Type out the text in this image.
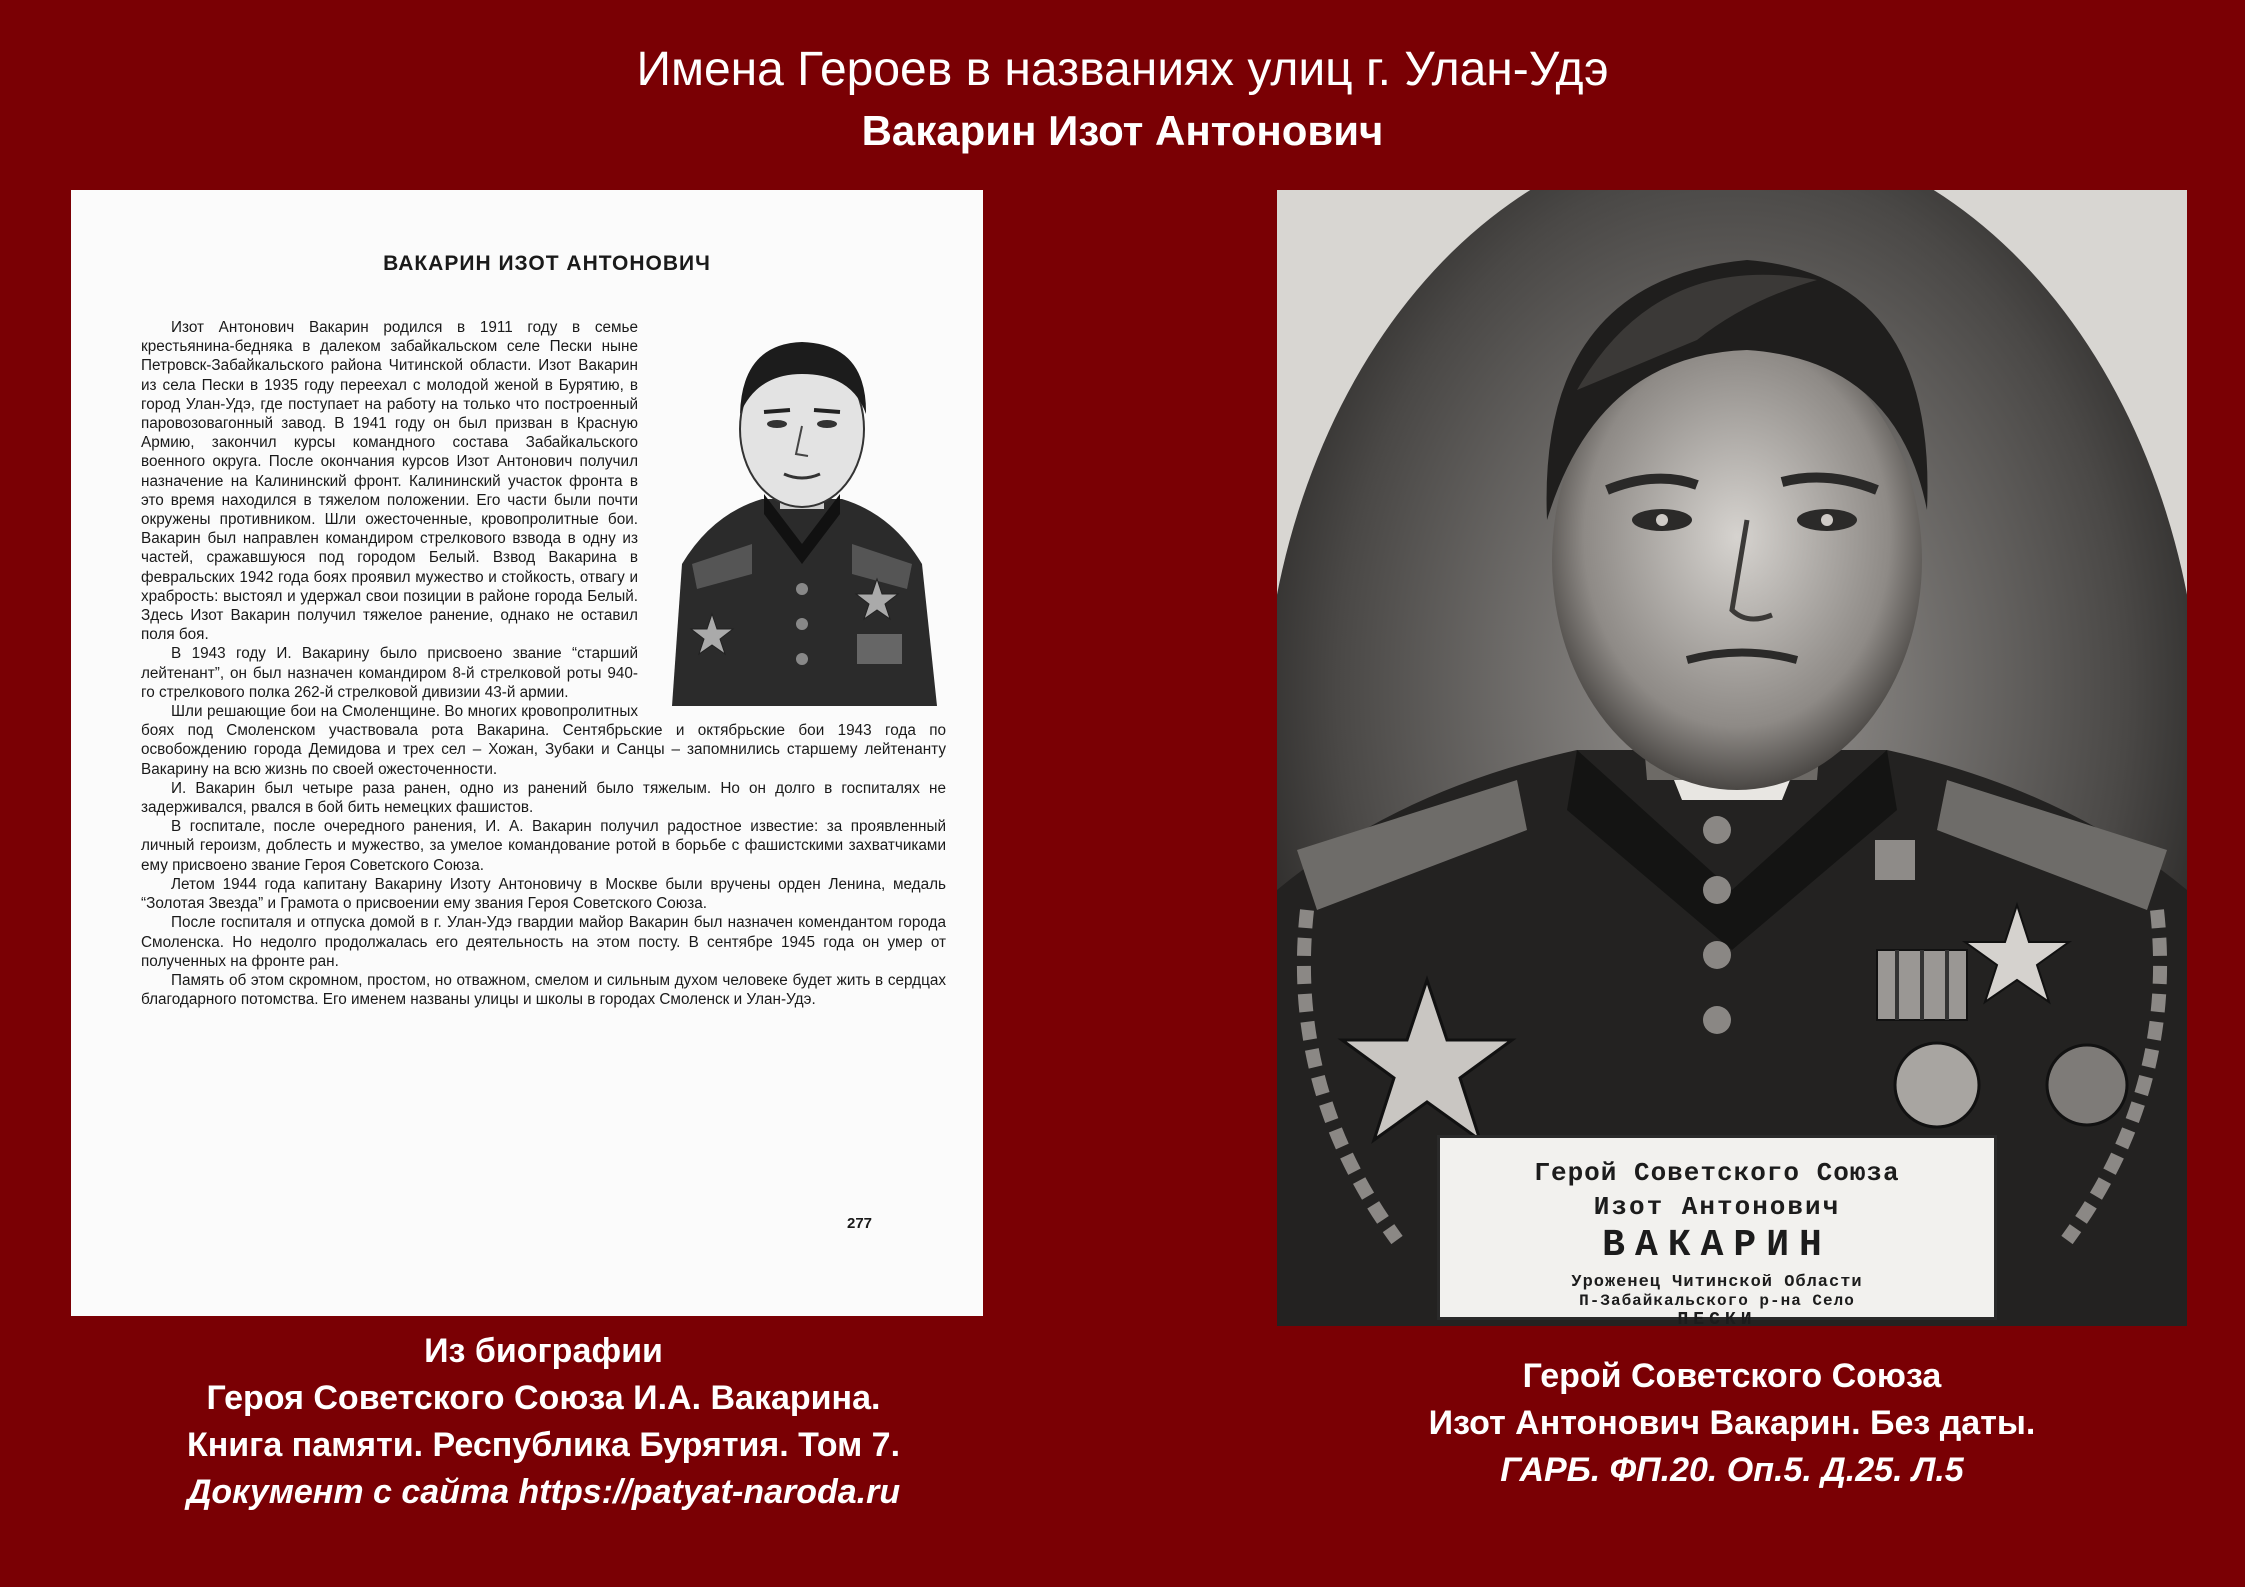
Имена Героев в названиях улиц г. Улан-Удэ
Вакарин Изот Антонович
ВАКАРИН ИЗОТ АНТОНОВИЧ

Изот Антонович Вакарин родился в 1911 году в семье крестьянина-бедняка в далеком забайкальском селе Пески ныне Петровск-Забайкальского района Читинской области. Изот Вакарин из села Пески в 1935 году переехал с молодой женой в Бурятию, в город Улан-Удэ, где поступает на работу на только что построенный паровозовагонный завод. В 1941 году он был призван в Красную Армию, закончил курсы командного состава Забайкальского военного округа. После окончания курсов Изот Антонович получил назначение на Калининский фронт. Калининский участок фронта в это время находился в тяжелом положении. Его части были почти окружены противником. Шли ожесточенные, кровопролитные бои. Вакарин был направлен командиром стрелкового взвода в одну из частей, сражавшуюся под городом Белый. Взвод Вакарина в февральских 1942 года боях проявил мужество и стойкость, отвагу и храбрость: выстоял и удержал свои позиции в районе города Белый. Здесь Изот Вакарин получил тяжелое ранение, однако не оставил поля боя.

В 1943 году И. Вакарину было присвоено звание “старший лейтенант”, он был назначен командиром 8-й стрелковой роты 940-го стрелкового полка 262-й стрелковой дивизии 43-й армии.

Шли решающие бои на Смоленщине. Во многих кровопролитных боях под Смоленском участвовала рота Вакарина. Сентябрьские и октябрьские бои 1943 года по освобождению города Демидова и трех сел – Хожан, Зубаки и Санцы – запомнились старшему лейтенанту Вакарину на всю жизнь по своей ожесточенности.

И. Вакарин был четыре раза ранен, одно из ранений было тяжелым. Но он долго в госпиталях не задерживался, рвался в бой бить немецких фашистов.

В госпитале, после очередного ранения, И. А. Вакарин получил радостное известие: за проявленный личный героизм, доблесть и мужество, за умелое командование ротой в борьбе с фашистскими захватчиками ему присвоено звание Героя Советского Союза.

Летом 1944 года капитану Вакарину Изоту Антоновичу в Москве были вручены орден Ленина, медаль “Золотая Звезда” и Грамота о присвоении ему звания Героя Советского Союза.

После госпиталя и отпуска домой в г. Улан-Удэ гвардии майор Вакарин был назначен комендантом города Смоленска. Но недолго продолжалась его деятельность на этом посту. В сентябре 1945 года он умер от полученных на фронте ран.

Память об этом скромном, простом, но отважном, смелом и сильным духом человеке будет жить в сердцах благодарного потомства. Его именем названы улицы и школы в городах Смоленск и Улан-Удэ.

277
Герой Советского Союза
Изот Антонович
ВАКАРИН
Уроженец Читинской Области
П-Забайкальского р-на Село
ПЕСКИ
Из биографии
Героя Советского Союза И.А. Вакарина.
Книга памяти. Республика Бурятия. Том 7.
Документ с сайта https://patyat-naroda.ru
Герой Советского Союза
Изот Антонович Вакарин. Без даты.
ГАРБ. ФП.20. Оп.5. Д.25. Л.5
